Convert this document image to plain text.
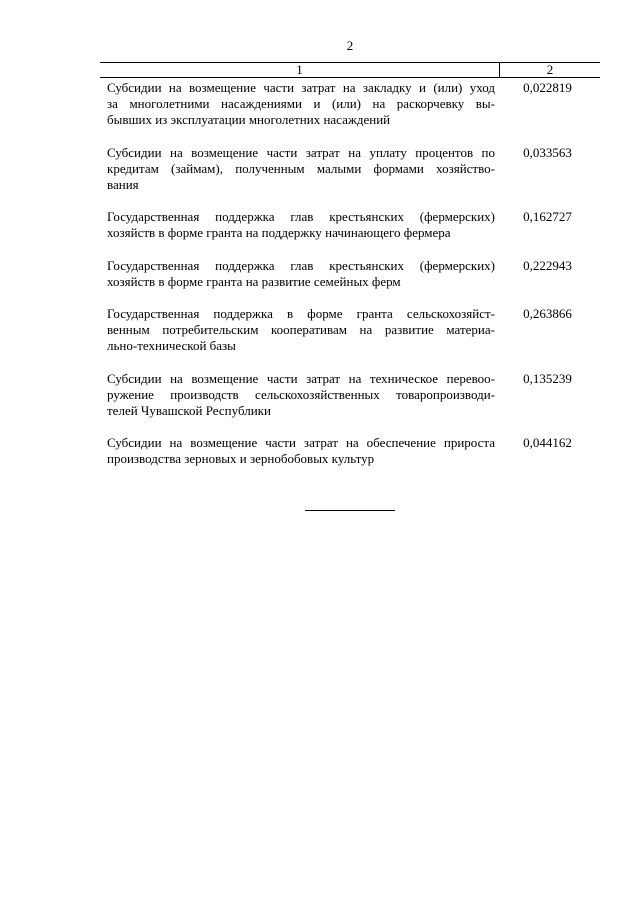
2
1	2
Субсидии на возмещение части затрат на закладку и (или) уход
за многолетними насаждениями и (или) на раскорчевку вы-
бывших из эксплуатации многолетних насаждений
0,022819
Субсидии на возмещение части затрат на уплату процентов по
кредитам (займам), полученным малыми формами хозяйство-
вания
0,033563
Государственная поддержка глав крестьянских (фермерских)
хозяйств в форме гранта на поддержку начинающего фермера
0,162727
Государственная поддержка глав крестьянских (фермерских)
хозяйств в форме гранта на развитие семейных ферм
0,222943
Государственная поддержка в форме гранта сельскохозяйст-
венным потребительским кооперативам на развитие материа-
льно-технической базы
0,263866
Субсидии на возмещение части затрат на техническое перевоо-
ружение производств сельскохозяйственных товаропроизводи-
телей Чувашской Республики
0,135239
Субсидии на возмещение части затрат на обеспечение прироста
производства зерновых и зернобобовых культур
0,044162
